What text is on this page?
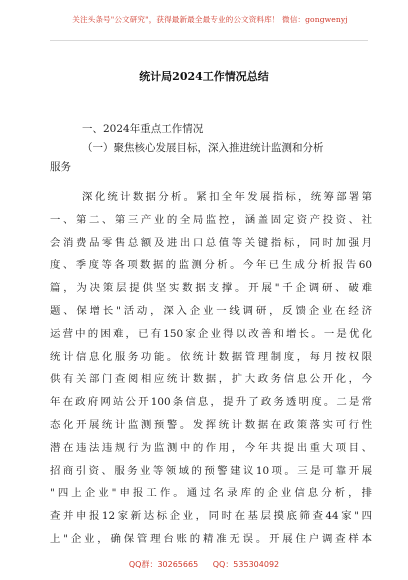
关注头条号"公文研究"，获得最新最全最专业的公文资料库！ 微信：gongwenyj
统计局2024工作情况总结
一、2024年重点工作情况
（一）聚焦核心发展目标，深入推进统计监测和分析
服务
深化统计数据分析。紧扣全年发展指标，统筹部署第
一、第二、第三产业的全局监控，涵盖固定资产投资、社
会消费品零售总额及进出口总值等关键指标，同时加强月
度、季度等各项数据的监测分析。今年已生成分析报告60
篇，为决策层提供坚实数据支撑。开展"千企调研、破难
题、保增长"活动，深入企业一线调研，反馈企业在经济
运营中的困难，已有150家企业得以改善和增长。一是优化
统计信息化服务功能。依统计数据管理制度，每月按权限
供有关部门查阅相应统计数据，扩大政务信息公开化，今
年在政府网站公开100条信息，提升了政务透明度。二是常
态化开展统计监测预警。发挥统计数据在政策落实可行性
潜在违法违规行为监测中的作用，今年共提出重大项目、
招商引资、服务业等领域的预警建议10项。三是可靠开展
"四上企业"申报工作。通过名录库的企业信息分析，排
查并申报12家新达标企业，同时在基层摸底筛查44家"四
上"企业，确保管理台账的精准无误。开展住户调查样本
QQ群：30265665 QQ：535304092
